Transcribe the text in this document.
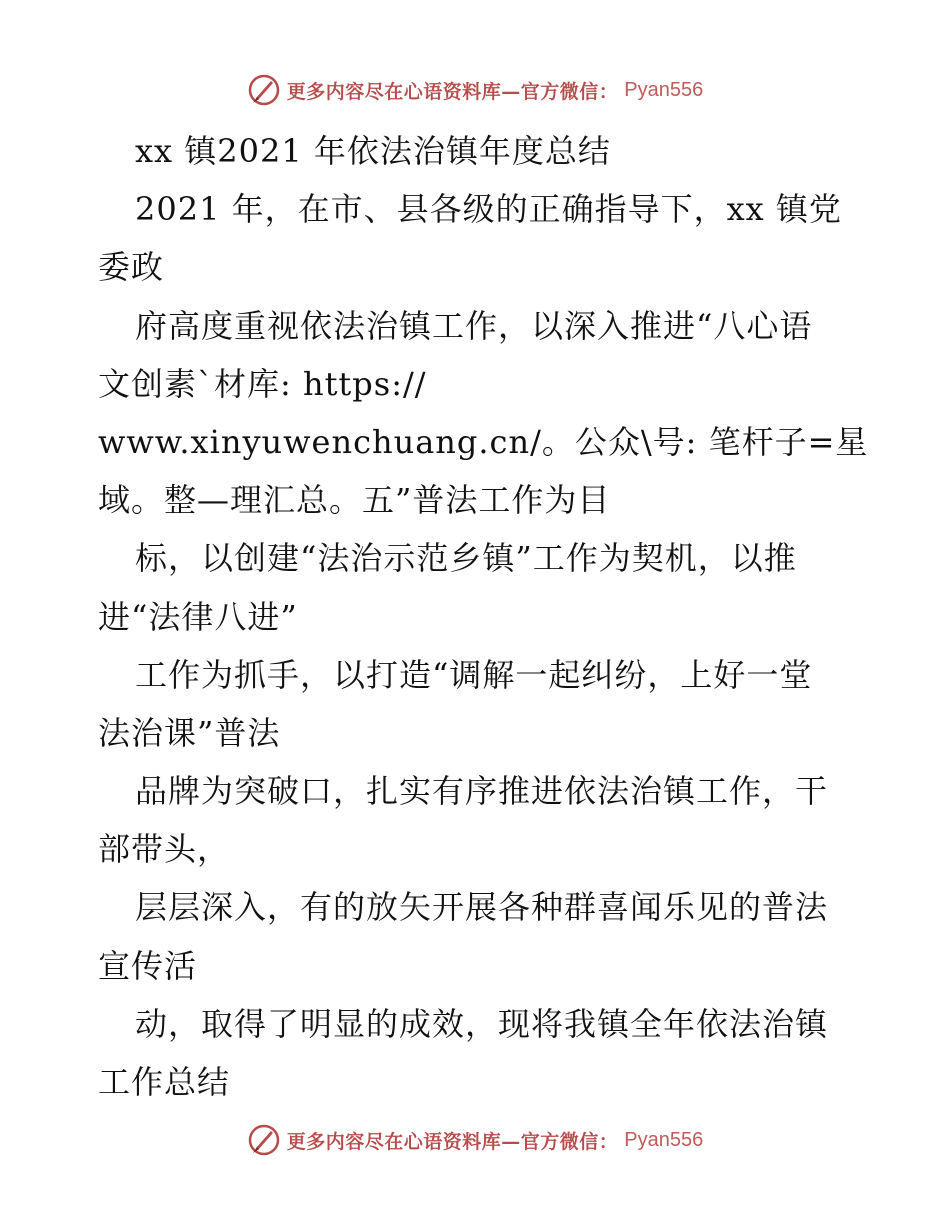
更多内容尽在心语资料库—官方微信： Pyan556
xx 镇2021 年依法治镇年度总结
2021 年，在市、县各级的正确指导下，xx 镇党
委政
府高度重视依法治镇工作，以深入推进“八心语
文创素`材库: https://
www.xinyuwenchuang.cn/。公众\号: 笔杆子=星
域。整—理汇总。五”普法工作为目
标，以创建“法治示范乡镇”工作为契机，以推
进“法律八进”
工作为抓手，以打造“调解一起纠纷，上好一堂
法治课”普法
品牌为突破口，扎实有序推进依法治镇工作，干
部带头，
层层深入，有的放矢开展各种群喜闻乐见的普法
宣传活
动，取得了明显的成效，现将我镇全年依法治镇
工作总结
更多内容尽在心语资料库—官方微信： Pyan556
